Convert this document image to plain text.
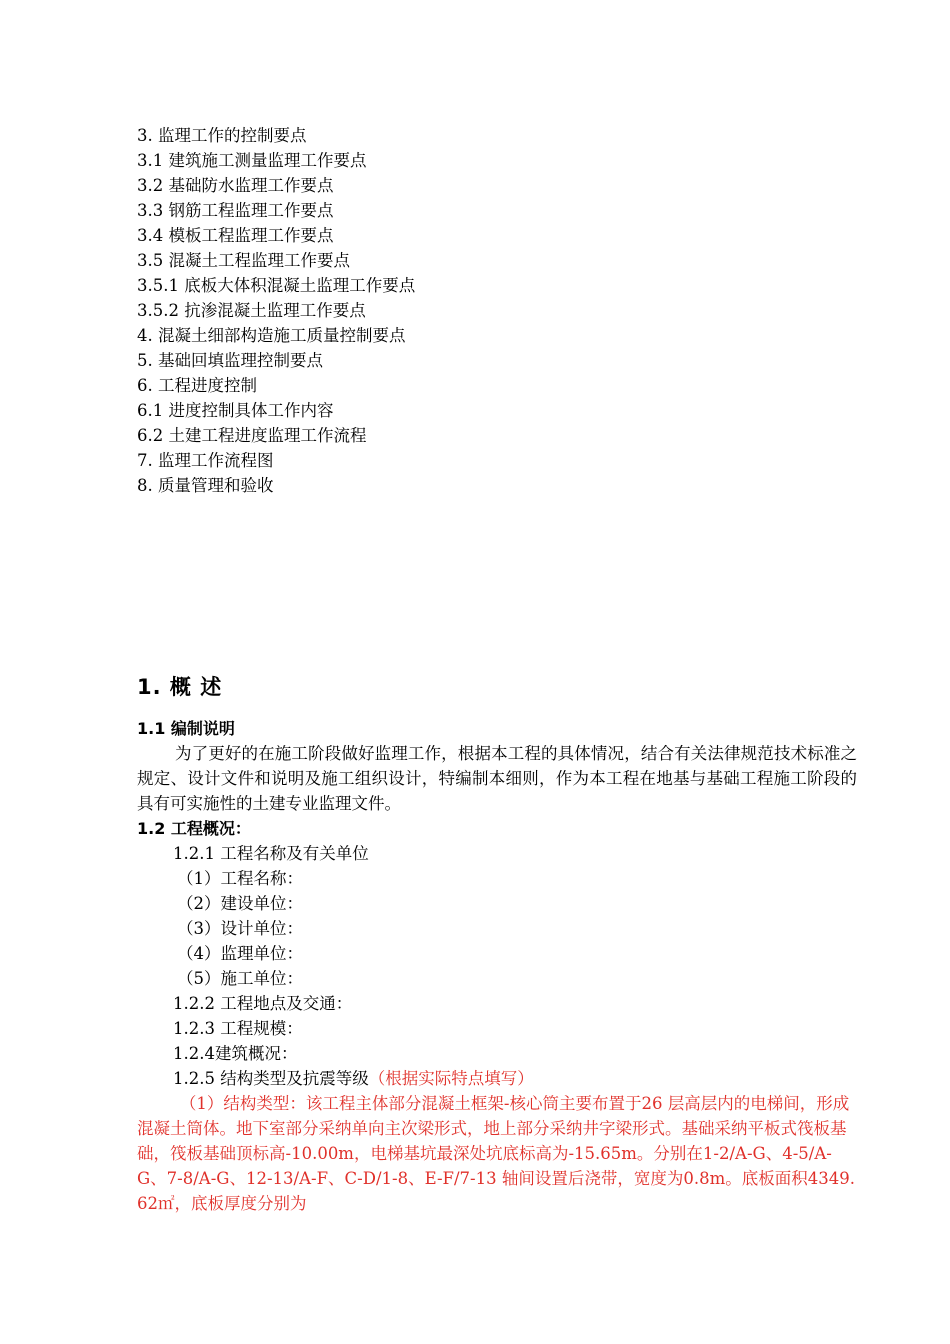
3. 监理工作的控制要点
3.1 建筑施工测量监理工作要点
3.2 基础防水监理工作要点
3.3 钢筋工程监理工作要点
3.4 模板工程监理工作要点
3.5 混凝土工程监理工作要点
3.5.1 底板大体积混凝土监理工作要点
3.5.2 抗渗混凝土监理工作要点
4. 混凝土细部构造施工质量控制要点
5. 基础回填监理控制要点
6. 工程进度控制
6.1 进度控制具体工作内容
6.2 土建工程进度监理工作流程
7. 监理工作流程图
8. 质量管理和验收
1. 概 述
1.1 编制说明

为了更好的在施工阶段做好监理工作，根据本工程的具体情况，结合有关法律规范技术标准之规定、设计文件和说明及施工组织设计，特编制本细则，作为本工程在地基与基础工程施工阶段的具有可实施性的土建专业监理文件。

1.2 工程概况：
1.2.1 工程名称及有关单位
（1）工程名称：
（2）建设单位：
（3）设计单位：
（4）监理单位：
（5）施工单位：
1.2.2 工程地点及交通：
1.2.3 工程规模：
1.2.4建筑概况：
1.2.5 结构类型及抗震等级（根据实际特点填写）

（1）结构类型：该工程主体部分混凝土框架-核心筒主要布置于26 层高层内的电梯间，形成混凝土筒体。地下室部分采纳单向主次梁形式，地上部分采纳井字梁形式。基础采纳平板式筏板基础，筏板基础顶标高-10.00m，电梯基坑最深处坑底标高为-15.65m。分别在1-2/A-G、4-5/A-G、7-8/A-G、12-13/A-F、C-D/1-8、E-F/7-13 轴间设置后浇带，宽度为0.8m。底板面积4349.62㎡，底板厚度分别为
